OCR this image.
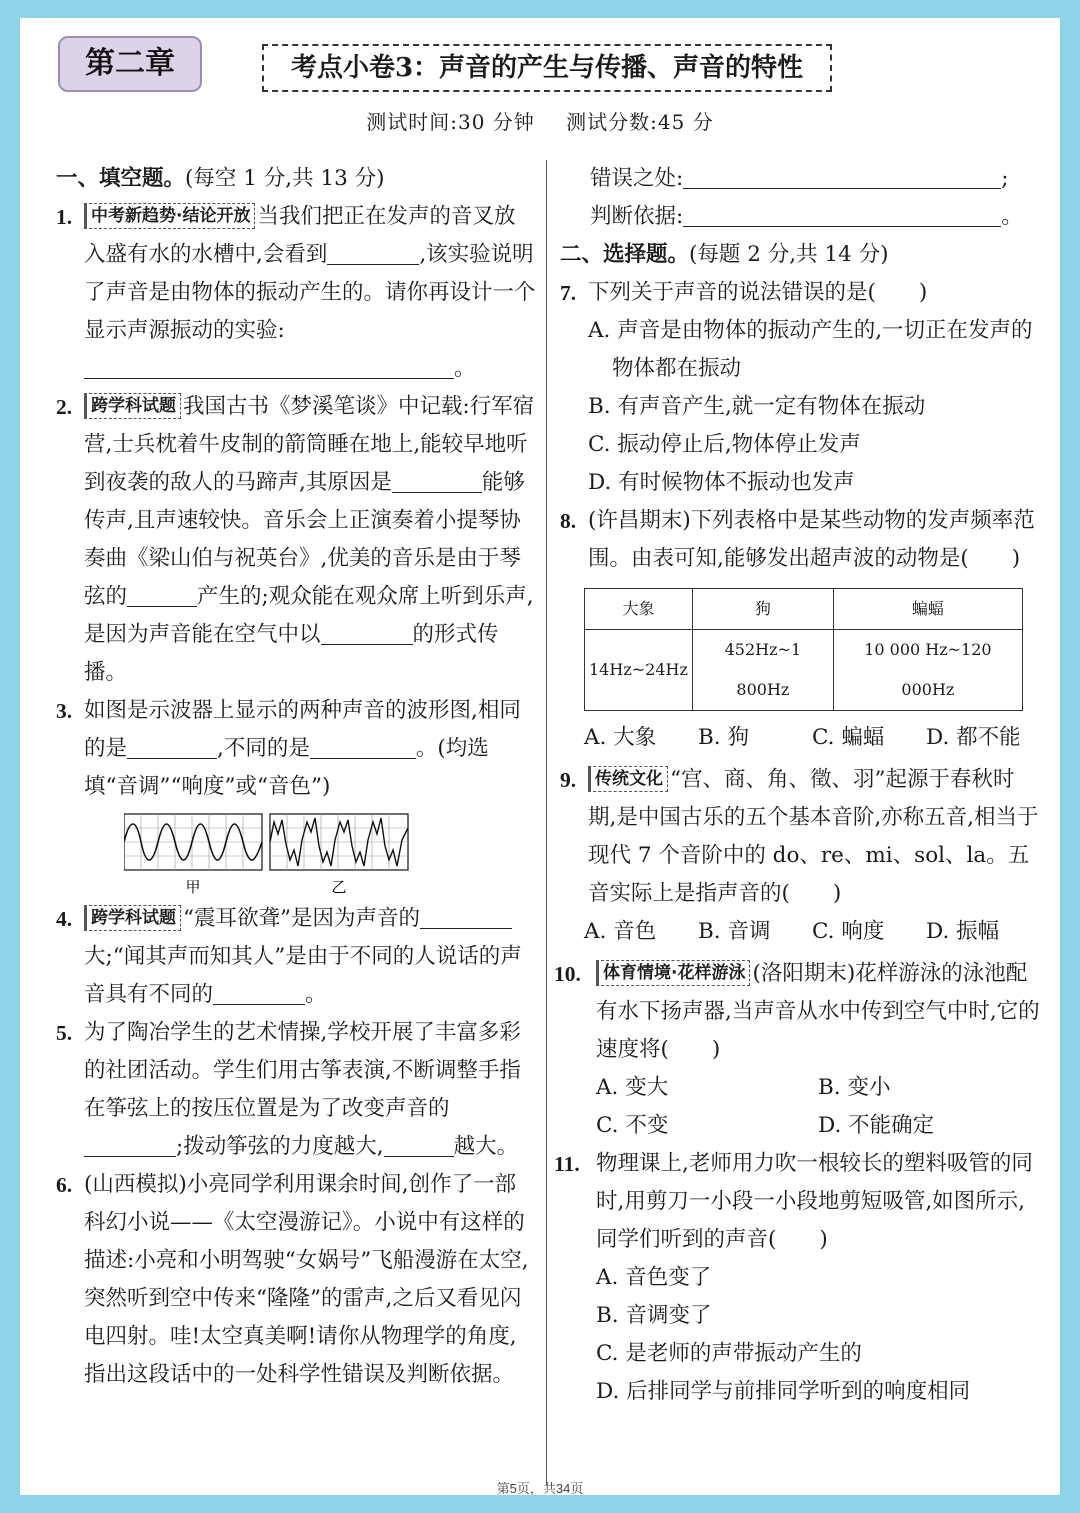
第二章	考点小卷3：声音的产生与传播、声音的特性
测试时间:30 分钟 测试分数:45 分
一、填空题。(每空 1 分,共 13 分)
1. 中考新趋势·结论开放 当我们把正在发声的音叉放入盛有水的水槽中,会看到	,该实验说明了声音是由物体的振动产生的。请你再设计一个显示声源振动的实验:。
2. 跨学科试题 我国古书《梦溪笔谈》中记载:行军宿营,士兵枕着牛皮制的箭筒睡在地上,能较早地听到夜袭的敌人的马蹄声,其原因是	能够传声,且声速较快。音乐会上正演奏着小提琴协奏曲《梁山伯与祝英台》,优美的音乐是由于琴弦的	产生的;观众能在观众席上听到乐声,是因为声音能在空气中以	的形式传播。
3. 如图是示波器上显示的两种声音的波形图,相同的是	,不同的是	。(均选填“音调”“响度”或“音色”)
甲	乙
4. 跨学科试题 “震耳欲聋”是因为声音的大;“闻其声而知其人”是由于不同的人说话的声音具有不同的	。
5. 为了陶冶学生的艺术情操,学校开展了丰富多彩的社团活动。学生们用古筝表演,不断调整手指在筝弦上的按压位置是为了改变声音的;拨动筝弦的力度越大,	越大。
6. (山西模拟)小亮同学利用课余时间,创作了一部科幻小说——《太空漫游记》。小说中有这样的描述:小亮和小明驾驶“女娲号”飞船漫游在太空,突然听到空中传来“隆隆”的雷声,之后又看见闪电四射。哇!太空真美啊!请你从物理学的角度,指出这段话中的一处科学性错误及判断依据。
错误之处:	;
判断依据:	。
二、选择题。(每题 2 分,共 14 分)
7. 下列关于声音的说法错误的是(　　)
A. 声音是由物体的振动产生的,一切正在发声的物体都在振动
B. 有声音产生,就一定有物体在振动
C. 振动停止后,物体停止发声
D. 有时候物体不振动也发声
8. (许昌期末)下列表格中是某些动物的发声频率范围。由表可知,能够发出超声波的动物是(　　)
大象	狗	蝙蝠
14Hz~24Hz	452Hz~1 800Hz	10 000 Hz~120 000Hz
A. 大象	B. 狗	C. 蝙蝠	D. 都不能
9. 传统文化 “宫、商、角、徵、羽”起源于春秋时期,是中国古乐的五个基本音阶,亦称五音,相当于现代 7 个音阶中的 do、re、mi、sol、la。五音实际上是指声音的(　　)
A. 音色	B. 音调	C. 响度	D. 振幅
10. 体育情境·花样游泳 (洛阳期末)花样游泳的泳池配有水下扬声器,当声音从水中传到空气中时,它的速度将(　　)
A. 变大	B. 变小
C. 不变	D. 不能确定
11. 物理课上,老师用力吹一根较长的塑料吸管的同时,用剪刀一小段一小段地剪短吸管,如图所示,同学们听到的声音(　　)
A. 音色变了
B. 音调变了
C. 是老师的声带振动产生的
D. 后排同学与前排同学听到的响度相同
第5页，共34页
